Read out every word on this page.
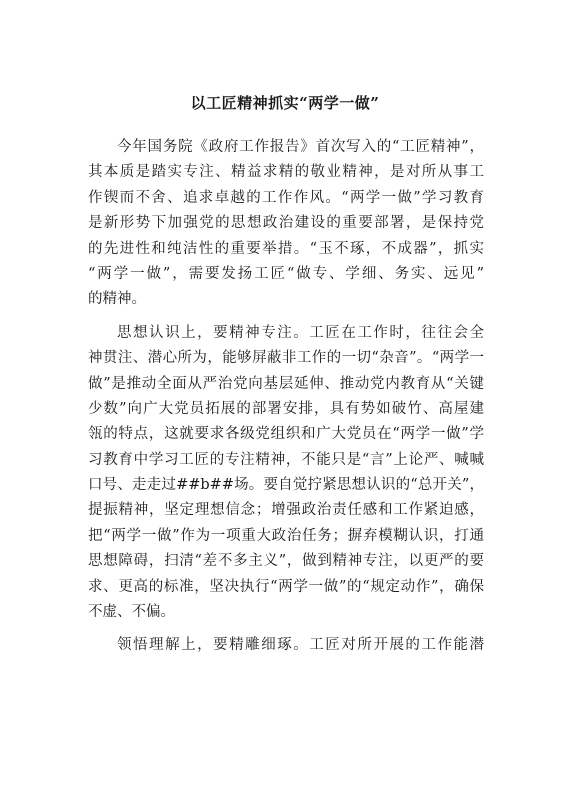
以工匠精神抓实“两学一做”
今年国务院《政府工作报告》首次写入的“工匠精神”，
其本质是踏实专注、精益求精的敬业精神，是对所从事工
作锲而不舍、追求卓越的工作作风。“两学一做”学习教育
是新形势下加强党的思想政治建设的重要部署，是保持党
的先进性和纯洁性的重要举措。“玉不琢，不成器”，抓实
“两学一做”，需要发扬工匠“做专、学细、务实、远见”
的精神。
思想认识上，要精神专注。工匠在工作时，往往会全
神贯注、潜心所为，能够屏蔽非工作的一切“杂音”。“两学一
做”是推动全面从严治党向基层延伸、推动党内教育从“关键
少数”向广大党员拓展的部署安排，具有势如破竹、高屋建
瓴的特点，这就要求各级党组织和广大党员在“两学一做”学
习教育中学习工匠的专注精神，不能只是“言”上论严、喊喊
口号、走走过##b##场。要自觉拧紧思想认识的“总开关”，
提振精神，坚定理想信念；增强政治责任感和工作紧迫感，
把“两学一做”作为一项重大政治任务；摒弃模糊认识，打通
思想障碍，扫清“差不多主义”，做到精神专注，以更严的要
求、更高的标准，坚决执行“两学一做”的“规定动作”，确保
不虚、不偏。
领悟理解上，要精雕细琢。工匠对所开展的工作能潜
